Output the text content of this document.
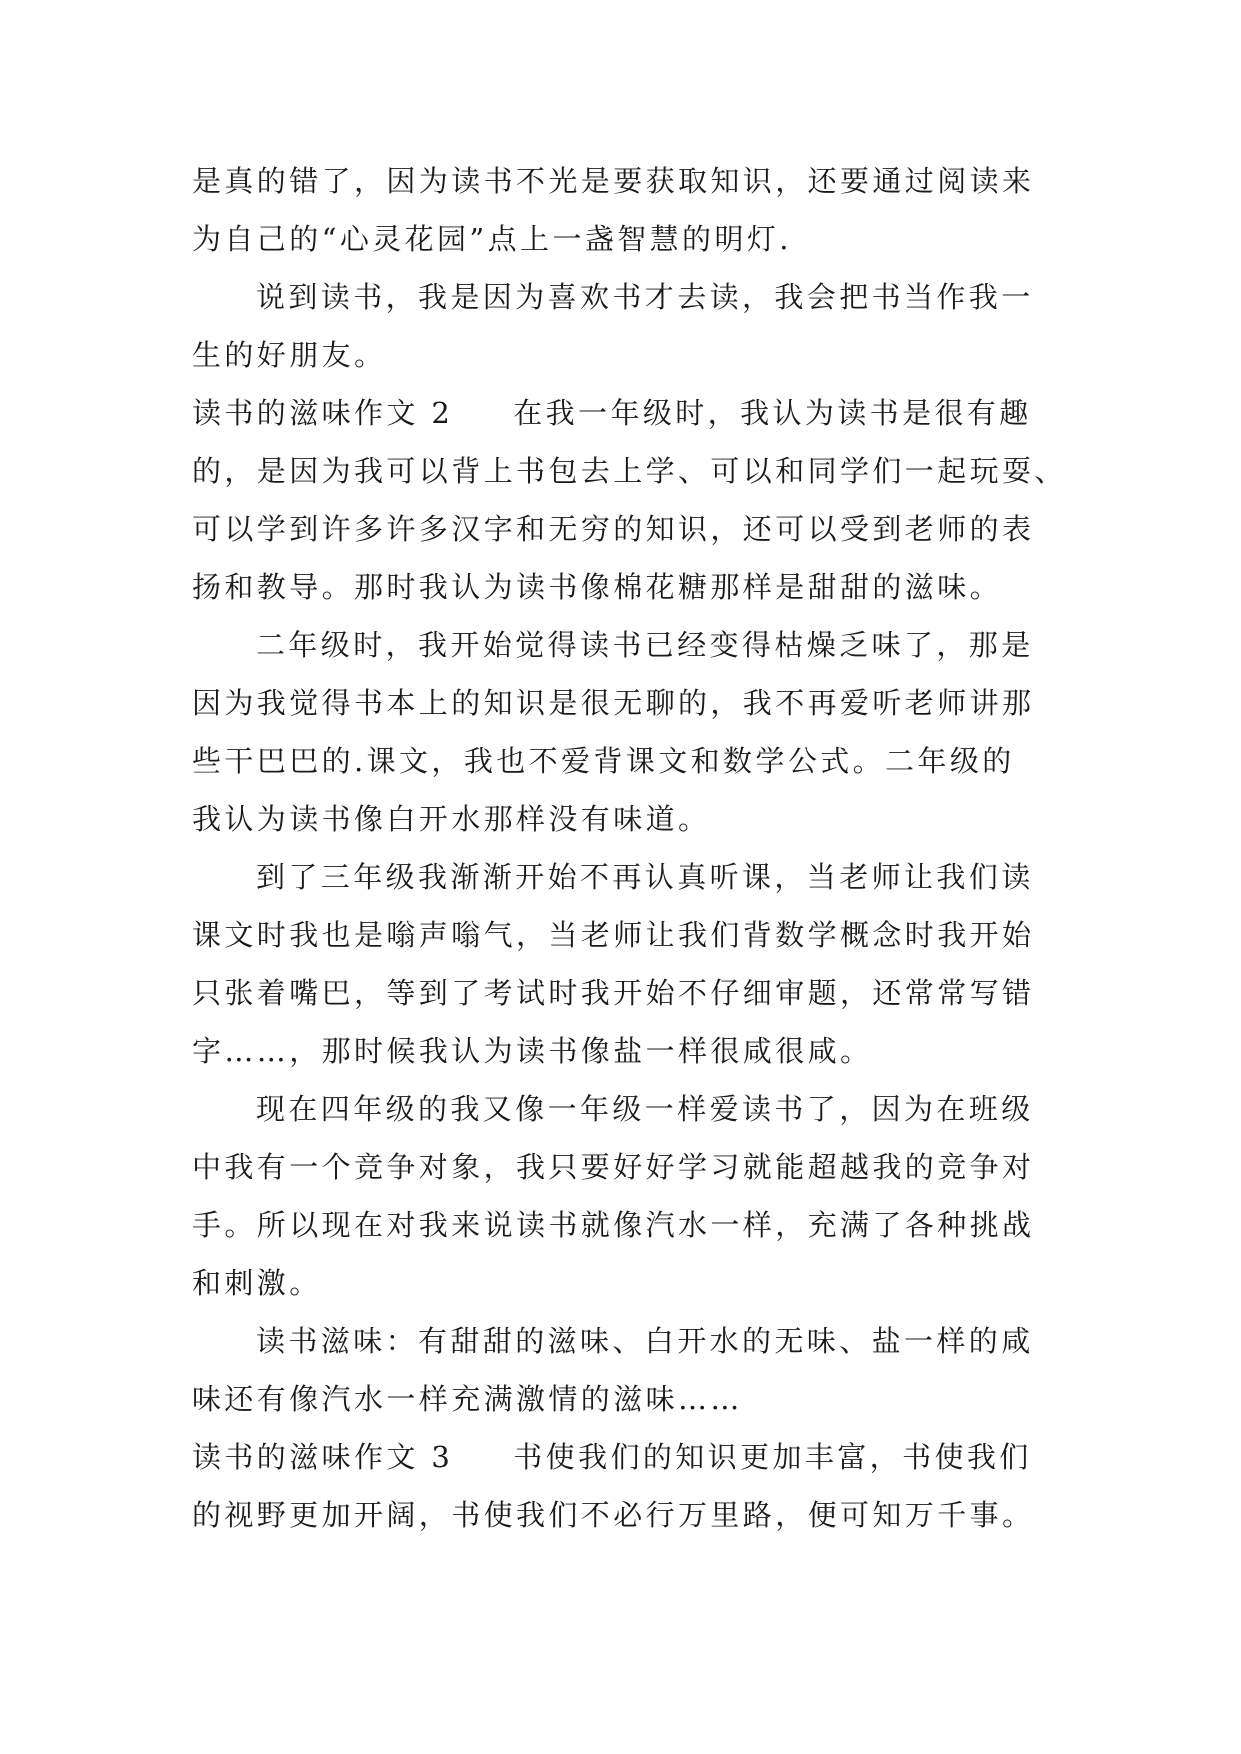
是真的错了，因为读书不光是要获取知识，还要通过阅读来
为自己的“心灵花园”点上一盏智慧的明灯.
说到读书，我是因为喜欢书才去读，我会把书当作我一
生的好朋友。
读书的滋味作文 2 在我一年级时，我认为读书是很有趣
的，是因为我可以背上书包去上学、可以和同学们一起玩耍、
可以学到许多许多汉字和无穷的知识，还可以受到老师的表
扬和教导。那时我认为读书像棉花糖那样是甜甜的滋味。
二年级时，我开始觉得读书已经变得枯燥乏味了，那是
因为我觉得书本上的知识是很无聊的，我不再爱听老师讲那
些干巴巴的.课文，我也不爱背课文和数学公式。二年级的
我认为读书像白开水那样没有味道。
到了三年级我渐渐开始不再认真听课，当老师让我们读
课文时我也是嗡声嗡气，当老师让我们背数学概念时我开始
只张着嘴巴，等到了考试时我开始不仔细审题，还常常写错
字……，那时候我认为读书像盐一样很咸很咸。
现在四年级的我又像一年级一样爱读书了，因为在班级
中我有一个竞争对象，我只要好好学习就能超越我的竞争对
手。所以现在对我来说读书就像汽水一样，充满了各种挑战
和刺激。
读书滋味：有甜甜的滋味、白开水的无味、盐一样的咸
味还有像汽水一样充满激情的滋味……
读书的滋味作文 3 书使我们的知识更加丰富，书使我们
的视野更加开阔，书使我们不必行万里路，便可知万千事。
